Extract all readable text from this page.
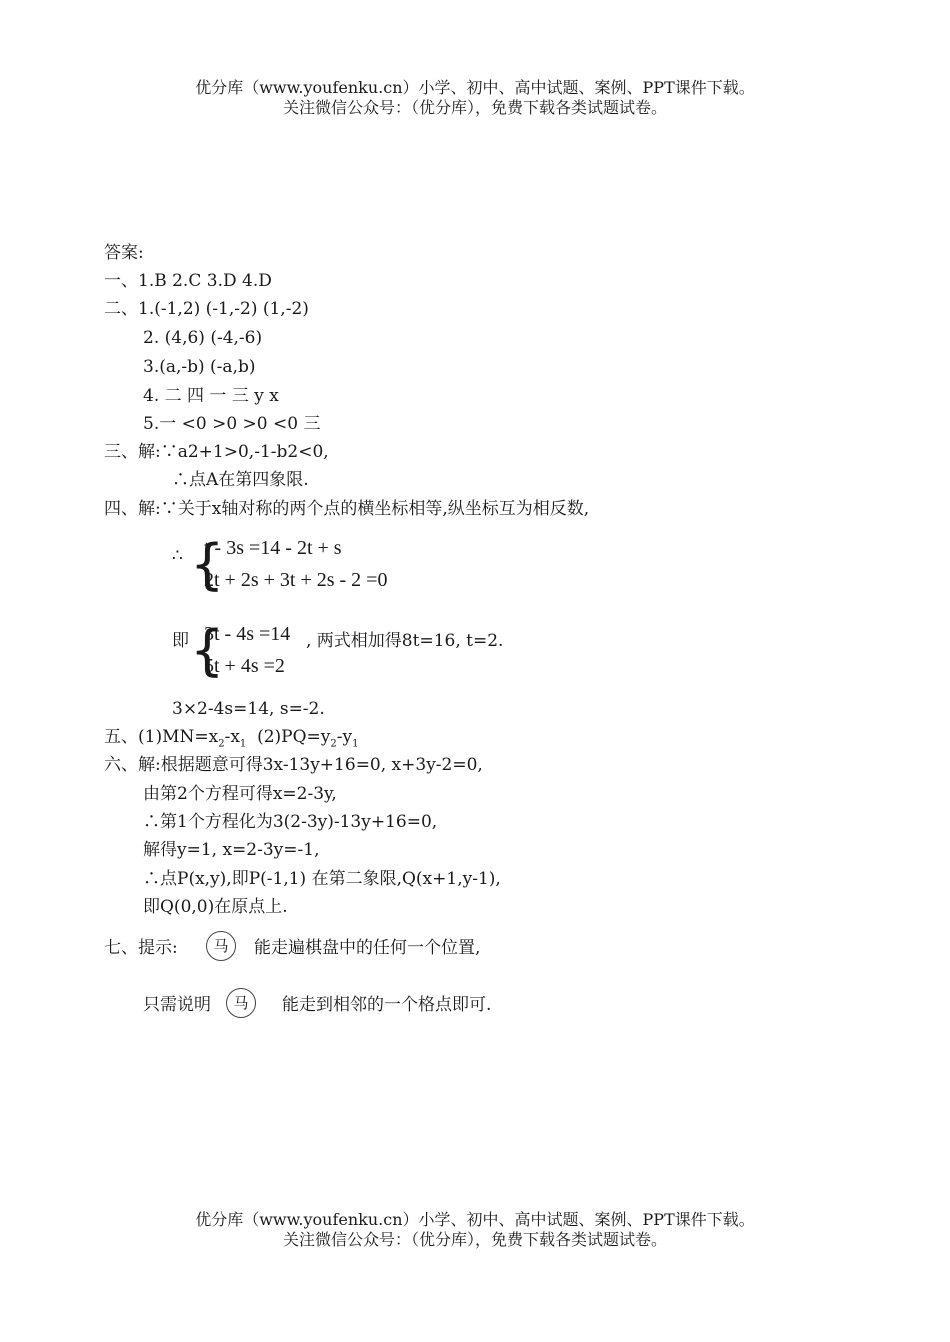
优分库（www.youfenku.cn）小学、初中、高中试题、案例、PPT课件下载。
关注微信公众号：（优分库），免费下载各类试题试卷。
答案:
一、1.B 2.C 3.D 4.D
二、1.(-1,2) (-1,-2) (1,-2)
2. (4,6) (-4,-6)
3.(a,-b) (-a,b)
4. 二 四 一 三 y x
5.一 <0 >0 >0 <0 三
三、解:∵a2+1>0,-1-b2<0,
∴点A在第四象限.
四、解:∵关于x轴对称的两个点的横坐标相等,纵坐标互为相反数,
∴ {
t - 3s =14 - 2t + s
2t + 2s + 3t + 2s - 2 =0
即 {
3t - 4s =14
5t + 4s =2
, 两式相加得8t=16, t=2.
3×2-4s=14, s=-2.
五、$(1)MN=x_2-x_1$  $(2)PQ=y_2-y_1$
六、解:根据题意可得3x-13y+16=0, x+3y-2=0,
由第2个方程可得x=2-3y,
∴第1个方程化为3(2-3y)-13y+16=0,
解得y=1, x=2-3y=-1,
∴点P(x,y),即P(-1,1) 在第二象限,Q(x+1,y-1),
即Q(0,0)在原点上.
七、提示:	马	能走遍棋盘中的任何一个位置,
只需说明	马	能走到相邻的一个格点即可.
优分库（www.youfenku.cn）小学、初中、高中试题、案例、PPT课件下载。
关注微信公众号：（优分库），免费下载各类试题试卷。
